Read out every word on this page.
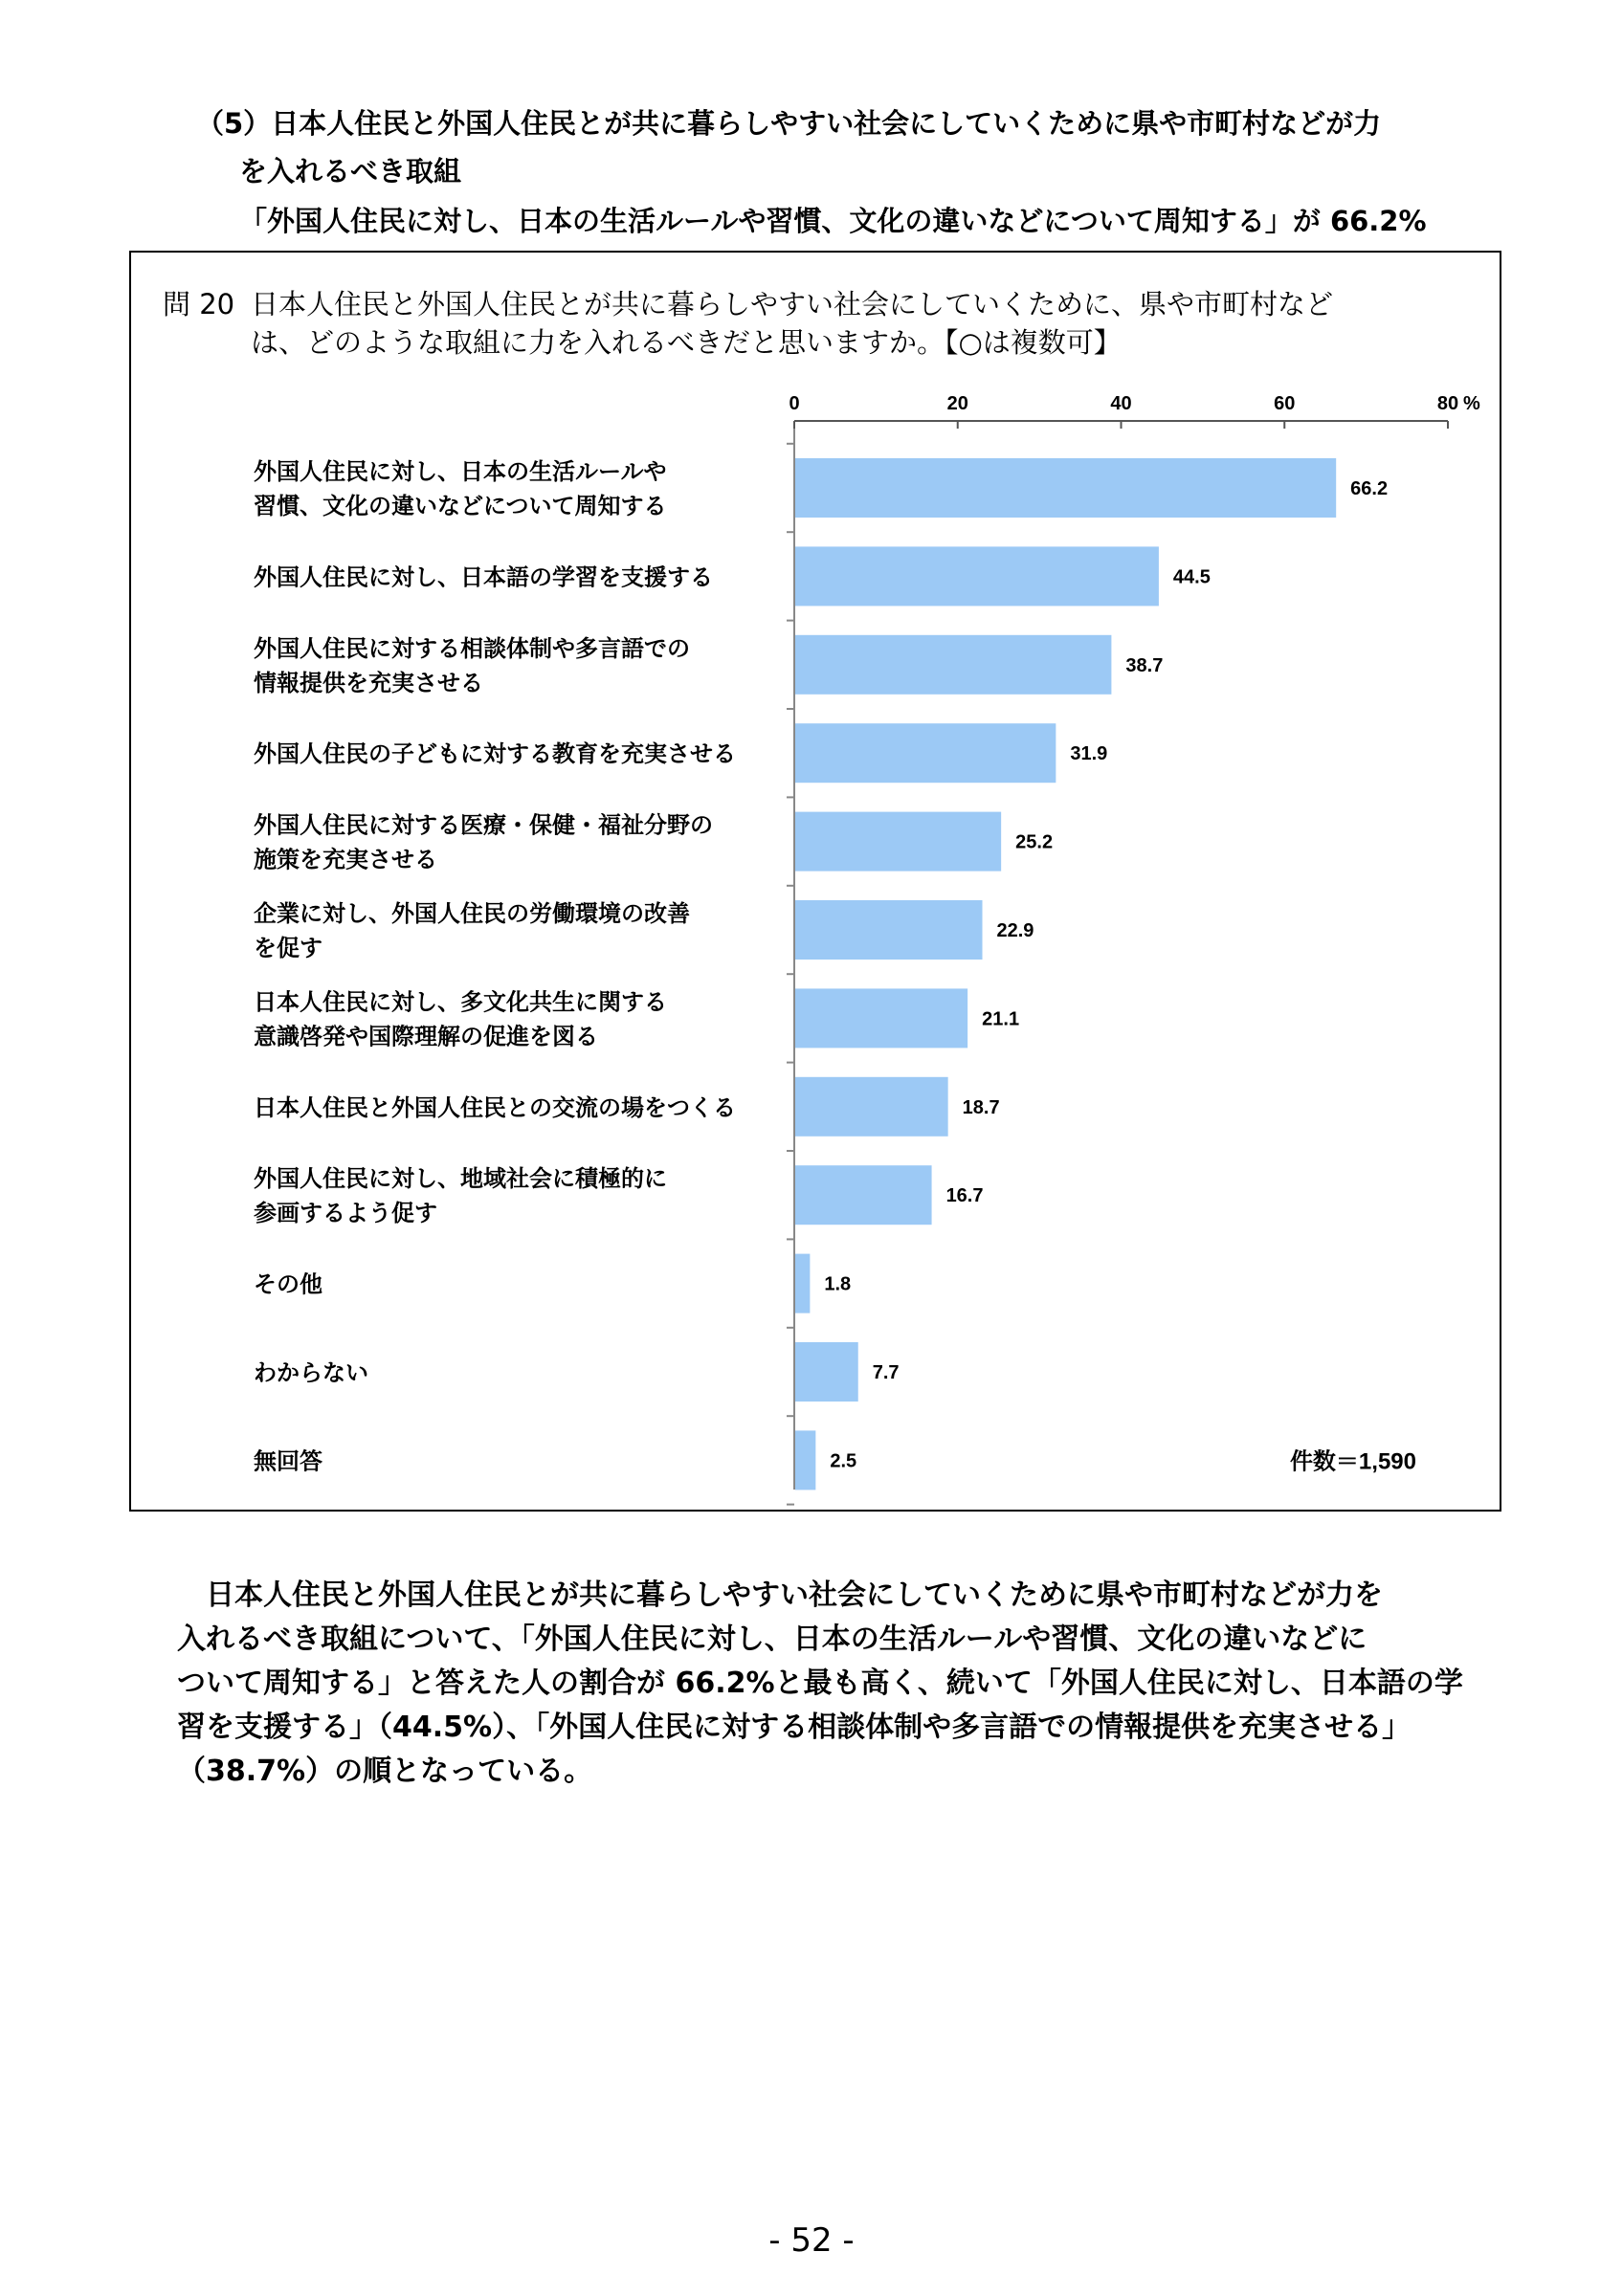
（5）日本人住民と外国人住民とが共に暮らしやすい社会にしていくために県や市町村などが力
を入れるべき取組
「外国人住民に対し、日本の生活ルールや習慣、文化の違いなどについて周知する」が 66.2%
問 20 日本人住民と外国人住民とが共に暮らしやすい社会にしていくために、県や市町村など
は、どのような取組に力を入れるべきだと思いますか。【○は複数可】
0	20	40	60	80 %
66.2
外国人住民に対し、日本の生活ルールや
習慣、文化の違いなどについて周知する
44.5
外国人住民に対し、日本語の学習を支援する
38.7
外国人住民に対する相談体制や多言語での
情報提供を充実させる
31.9
外国人住民の子どもに対する教育を充実させる
25.2
外国人住民に対する医療・保健・福祉分野の
施策を充実させる
22.9
企業に対し、外国人住民の労働環境の改善
を促す
21.1
日本人住民に対し、多文化共生に関する
意識啓発や国際理解の促進を図る
18.7
日本人住民と外国人住民との交流の場をつくる
16.7
外国人住民に対し、地域社会に積極的に
参画するよう促す
1.8
その他
7.7
わからない
2.5
無回答	件数＝1,590
　日本人住民と外国人住民とが共に暮らしやすい社会にしていくために県や市町村などが力を
入れるべき取組について、「外国人住民に対し、日本の生活ルールや習慣、文化の違いなどに
ついて周知する」と答えた人の割合が 66.2%と最も高く、続いて「外国人住民に対し、日本語の学
習を支援する」（44.5%）、「外国人住民に対する相談体制や多言語での情報提供を充実させる」
（38.7%）の順となっている。
- 52 -
